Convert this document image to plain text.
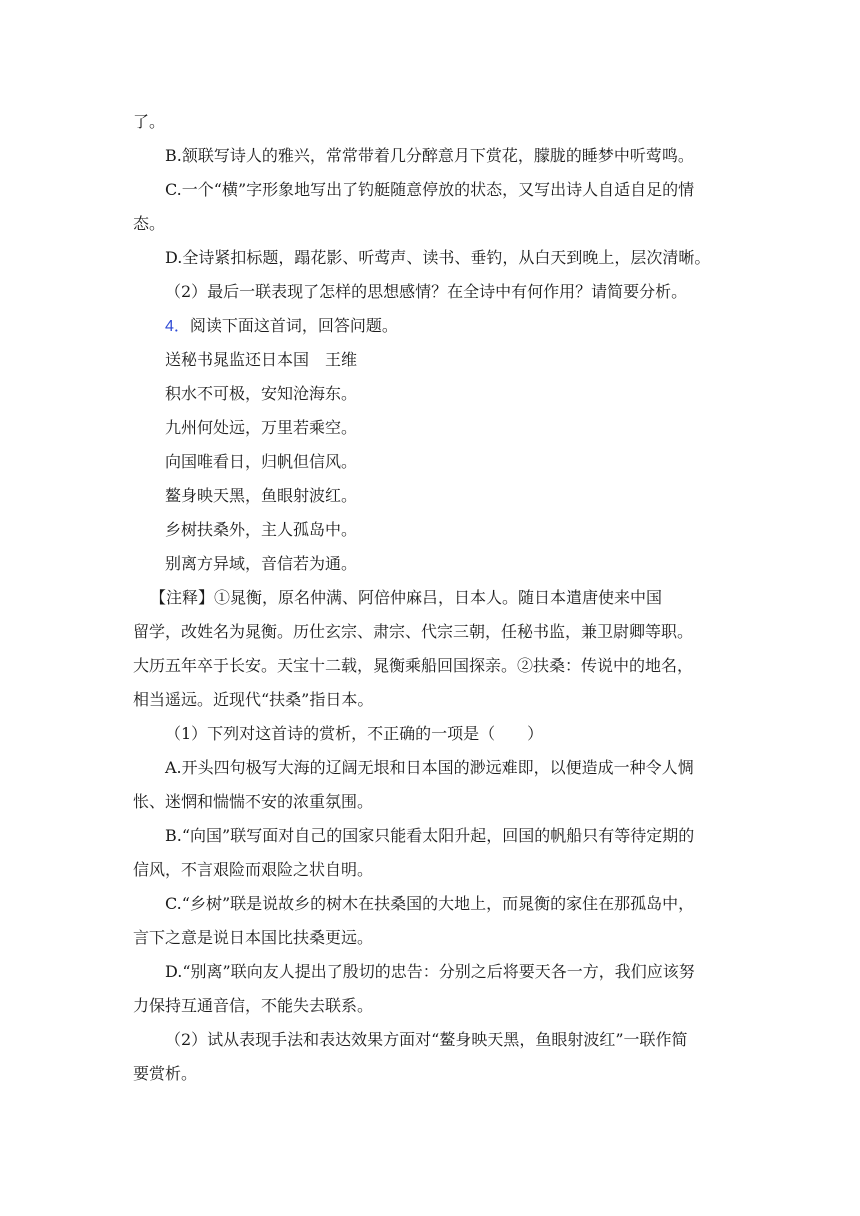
了。

B.颔联写诗人的雅兴，常常带着几分醉意月下赏花，朦胧的睡梦中听莺鸣。

C.一个“横”字形象地写出了钓艇随意停放的状态，又写出诗人自适自足的情

态。

D.全诗紧扣标题，蹋花影、听莺声、读书、垂钓，从白天到晚上，层次清晰。

（2）最后一联表现了怎样的思想感情？在全诗中有何作用？请简要分析。

4．阅读下面这首词，回答问题。

送秘书晁监还日本国　王维

积水不可极，安知沧海东。

九州何处远，万里若乘空。

向国唯看日，归帆但信风。

鳌身映天黑，鱼眼射波红。

乡树扶桑外，主人孤岛中。

别离方异域，音信若为通。

【注释】①晁衡，原名仲满、阿倍仲麻吕，日本人。随日本遣唐使来中国

留学，改姓名为晁衡。历仕玄宗、肃宗、代宗三朝，任秘书监，兼卫尉卿等职。

大历五年卒于长安。天宝十二载，晁衡乘船回国探亲。②扶桑：传说中的地名，

相当遥远。近现代“扶桑”指日本。

（1）下列对这首诗的赏析，不正确的一项是（　　）

A.开头四句极写大海的辽阔无垠和日本国的渺远难即，以便造成一种令人惆

怅、迷惘和惴惴不安的浓重氛围。

B.“向国”联写面对自己的国家只能看太阳升起，回国的帆船只有等待定期的

信风，不言艰险而艰险之状自明。

C.“乡树”联是说故乡的树木在扶桑国的大地上，而晁衡的家住在那孤岛中，

言下之意是说日本国比扶桑更远。

D.“别离”联向友人提出了殷切的忠告：分别之后将要天各一方，我们应该努

力保持互通音信，不能失去联系。

（2）试从表现手法和表达效果方面对“鳌身映天黑，鱼眼射波红”一联作简

要赏析。
